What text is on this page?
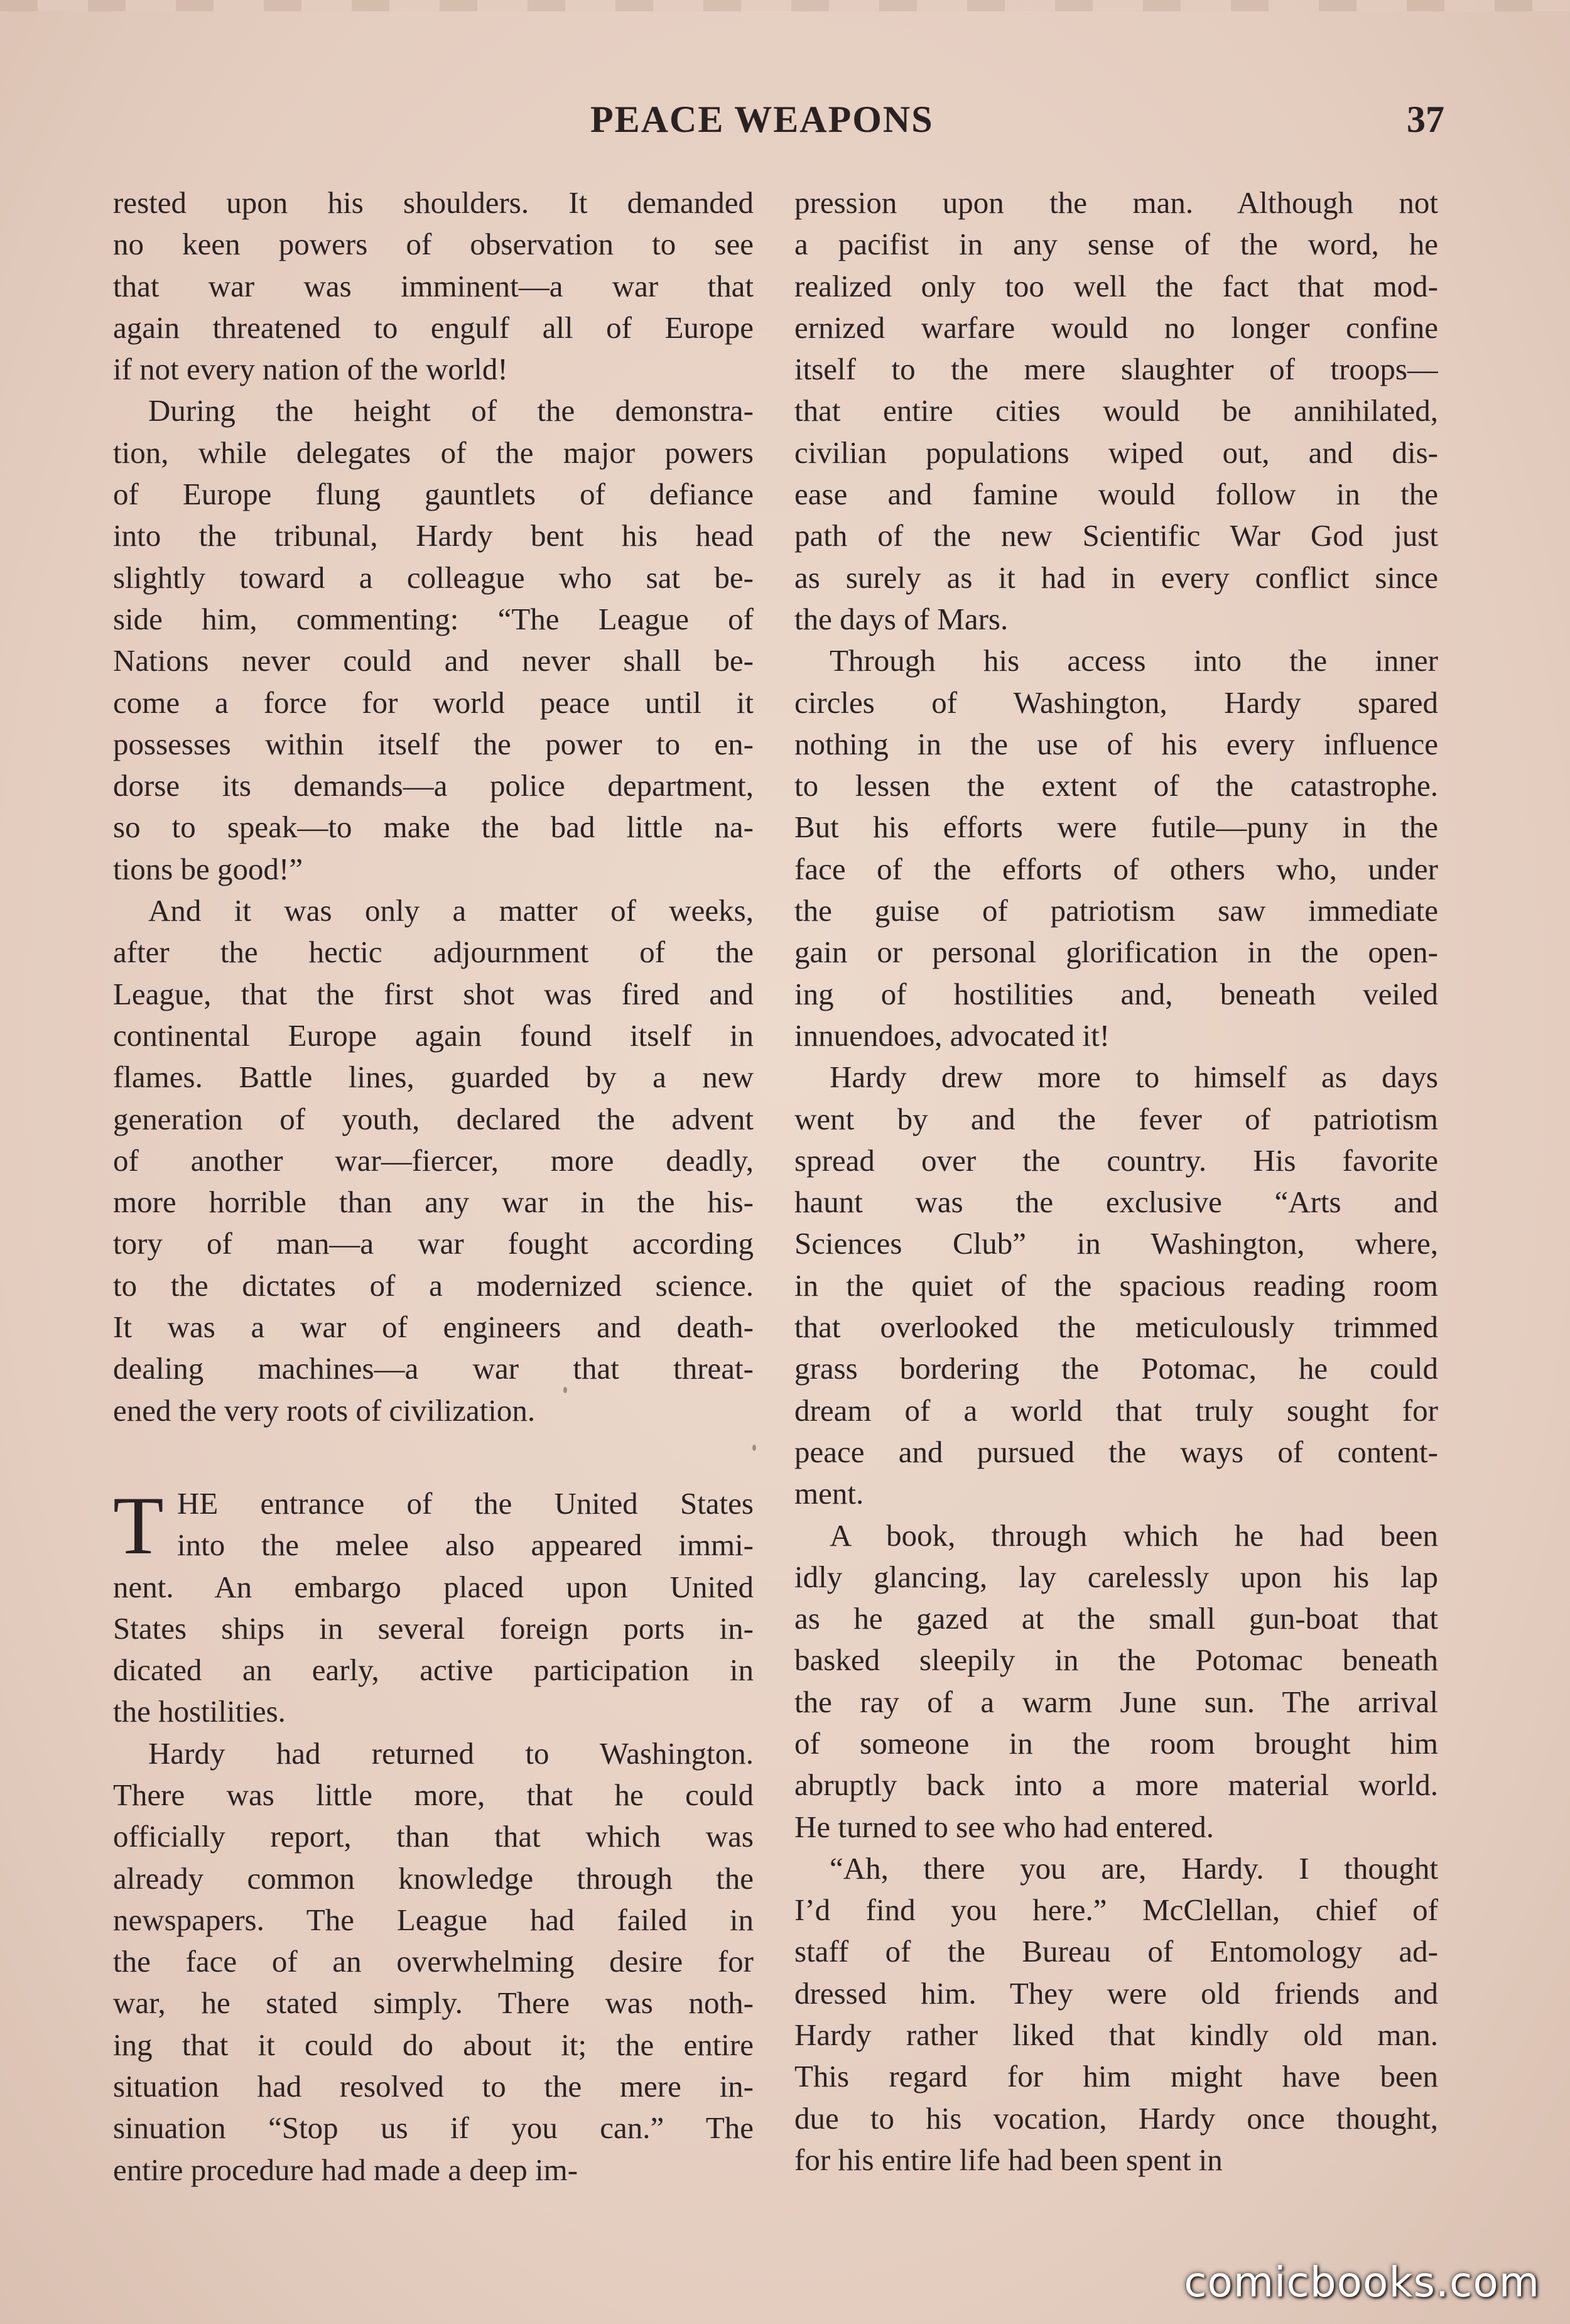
PEACE WEAPONS	37
rested upon his shoulders. It demanded
no keen powers of observation to see
that war was imminent—a war that
again threatened to engulf all of Europe
if not every nation of the world!
During the height of the demonstra-
tion, while delegates of the major powers
of Europe flung gauntlets of defiance
into the tribunal, Hardy bent his head
slightly toward a colleague who sat be-
side him, commenting: “The League of
Nations never could and never shall be-
come a force for world peace until it
possesses within itself the power to en-
dorse its demands—a police department,
so to speak—to make the bad little na-
tions be good!”
And it was only a matter of weeks,
after the hectic adjournment of the
League, that the first shot was fired and
continental Europe again found itself in
flames. Battle lines, guarded by a new
generation of youth, declared the advent
of another war—fiercer, more deadly,
more horrible than any war in the his-
tory of man—a war fought according
to the dictates of a modernized science.
It was a war of engineers and death-
dealing machines—a war that threat-
ened the very roots of civilization.
T HE entrance of the United States
into the melee also appeared immi-
nent. An embargo placed upon United
States ships in several foreign ports in-
dicated an early, active participation in
the hostilities.
Hardy had returned to Washington.
There was little more, that he could
officially report, than that which was
already common knowledge through the
newspapers. The League had failed in
the face of an overwhelming desire for
war, he stated simply. There was noth-
ing that it could do about it; the entire
situation had resolved to the mere in-
sinuation “Stop us if you can.” The
entire procedure had made a deep im-
pression upon the man. Although not
a pacifist in any sense of the word, he
realized only too well the fact that mod-
ernized warfare would no longer confine
itself to the mere slaughter of troops—
that entire cities would be annihilated,
civilian populations wiped out, and dis-
ease and famine would follow in the
path of the new Scientific War God just
as surely as it had in every conflict since
the days of Mars.
Through his access into the inner
circles of Washington, Hardy spared
nothing in the use of his every influence
to lessen the extent of the catastrophe.
But his efforts were futile—puny in the
face of the efforts of others who, under
the guise of patriotism saw immediate
gain or personal glorification in the open-
ing of hostilities and, beneath veiled
innuendoes, advocated it!
Hardy drew more to himself as days
went by and the fever of patriotism
spread over the country. His favorite
haunt was the exclusive “Arts and
Sciences Club” in Washington, where,
in the quiet of the spacious reading room
that overlooked the meticulously trimmed
grass bordering the Potomac, he could
dream of a world that truly sought for
peace and pursued the ways of content-
ment.
A book, through which he had been
idly glancing, lay carelessly upon his lap
as he gazed at the small gun-boat that
basked sleepily in the Potomac beneath
the ray of a warm June sun. The arrival
of someone in the room brought him
abruptly back into a more material world.
He turned to see who had entered.
“Ah, there you are, Hardy. I thought
I’d find you here.” McClellan, chief of
staff of the Bureau of Entomology ad-
dressed him. They were old friends and
Hardy rather liked that kindly old man.
This regard for him might have been
due to his vocation, Hardy once thought,
for his entire life had been spent in
comicbooks.com
